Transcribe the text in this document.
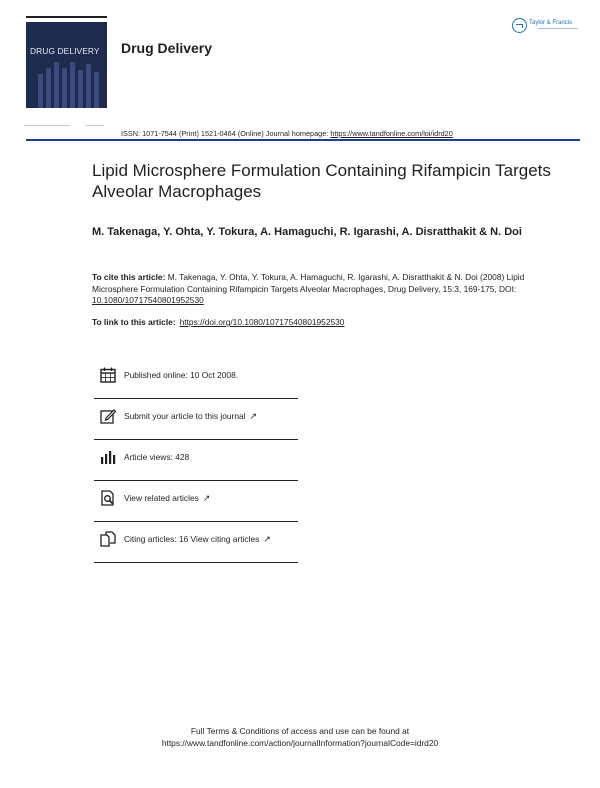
DRUG DELIVERY	Drug Delivery
Taylor & Francis
ISSN: 1071-7544 (Print) 1521-0464 (Online) Journal homepage: https://www.tandfonline.com/loi/idrd20
Lipid Microsphere Formulation Containing Rifampicin Targets Alveolar Macrophages
M. Takenaga, Y. Ohta, Y. Tokura, A. Hamaguchi, R. Igarashi, A. Disratthakit & N. Doi
To cite this article: M. Takenaga, Y. Ohta, Y. Tokura, A. Hamaguchi, R. Igarashi, A. Disratthakit & N. Doi (2008) Lipid Microsphere Formulation Containing Rifampicin Targets Alveolar Macrophages, Drug Delivery, 15:3, 169-175, DOI: 10.1080/10717540801952530
To link to this article: https://doi.org/10.1080/10717540801952530
Published online: 10 Oct 2008.
Submit your article to this journal ↗
Article views: 428
View related articles ↗
Citing articles: 16 View citing articles ↗
Full Terms & Conditions of access and use can be found at
https://www.tandfonline.com/action/journalInformation?journalCode=idrd20
